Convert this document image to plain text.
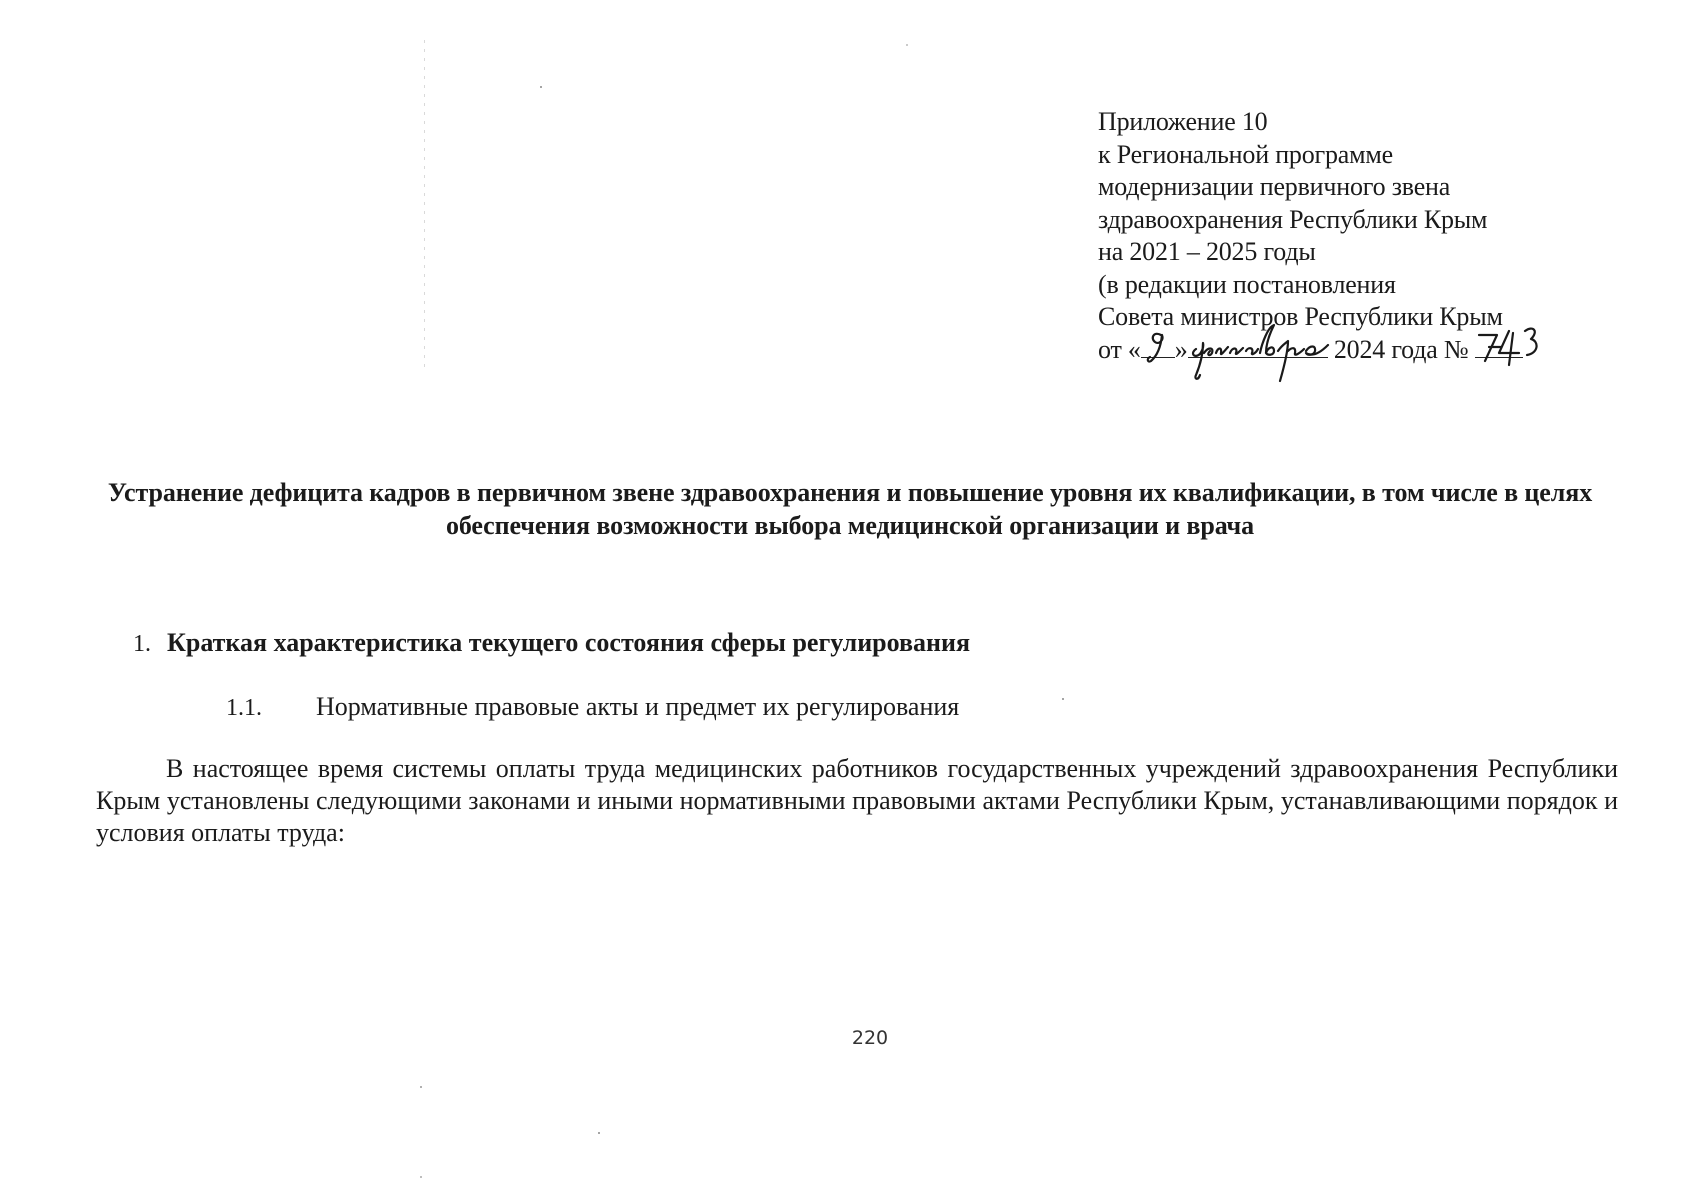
Приложение 10
к Региональной программе
модернизации первичного звена
здравоохранения Республики Крым
на 2021 – 2025 годы
(в редакции постановления
Совета министров Республики Крым
от « »	2024 года №
Устранение дефицита кадров в первичном звене здравоохранения и повышение уровня их квалификации, в том числе в целях обеспечения возможности выбора медицинской организации и врача
1. Краткая характеристика текущего состояния сферы регулирования
1.1. Нормативные правовые акты и предмет их регулирования
В настоящее время системы оплаты труда медицинских работников государственных учреждений здравоохранения Республики Крым установлены следующими законами и иными нормативными правовыми актами Республики Крым, устанавливающими порядок и условия оплаты труда:
220
